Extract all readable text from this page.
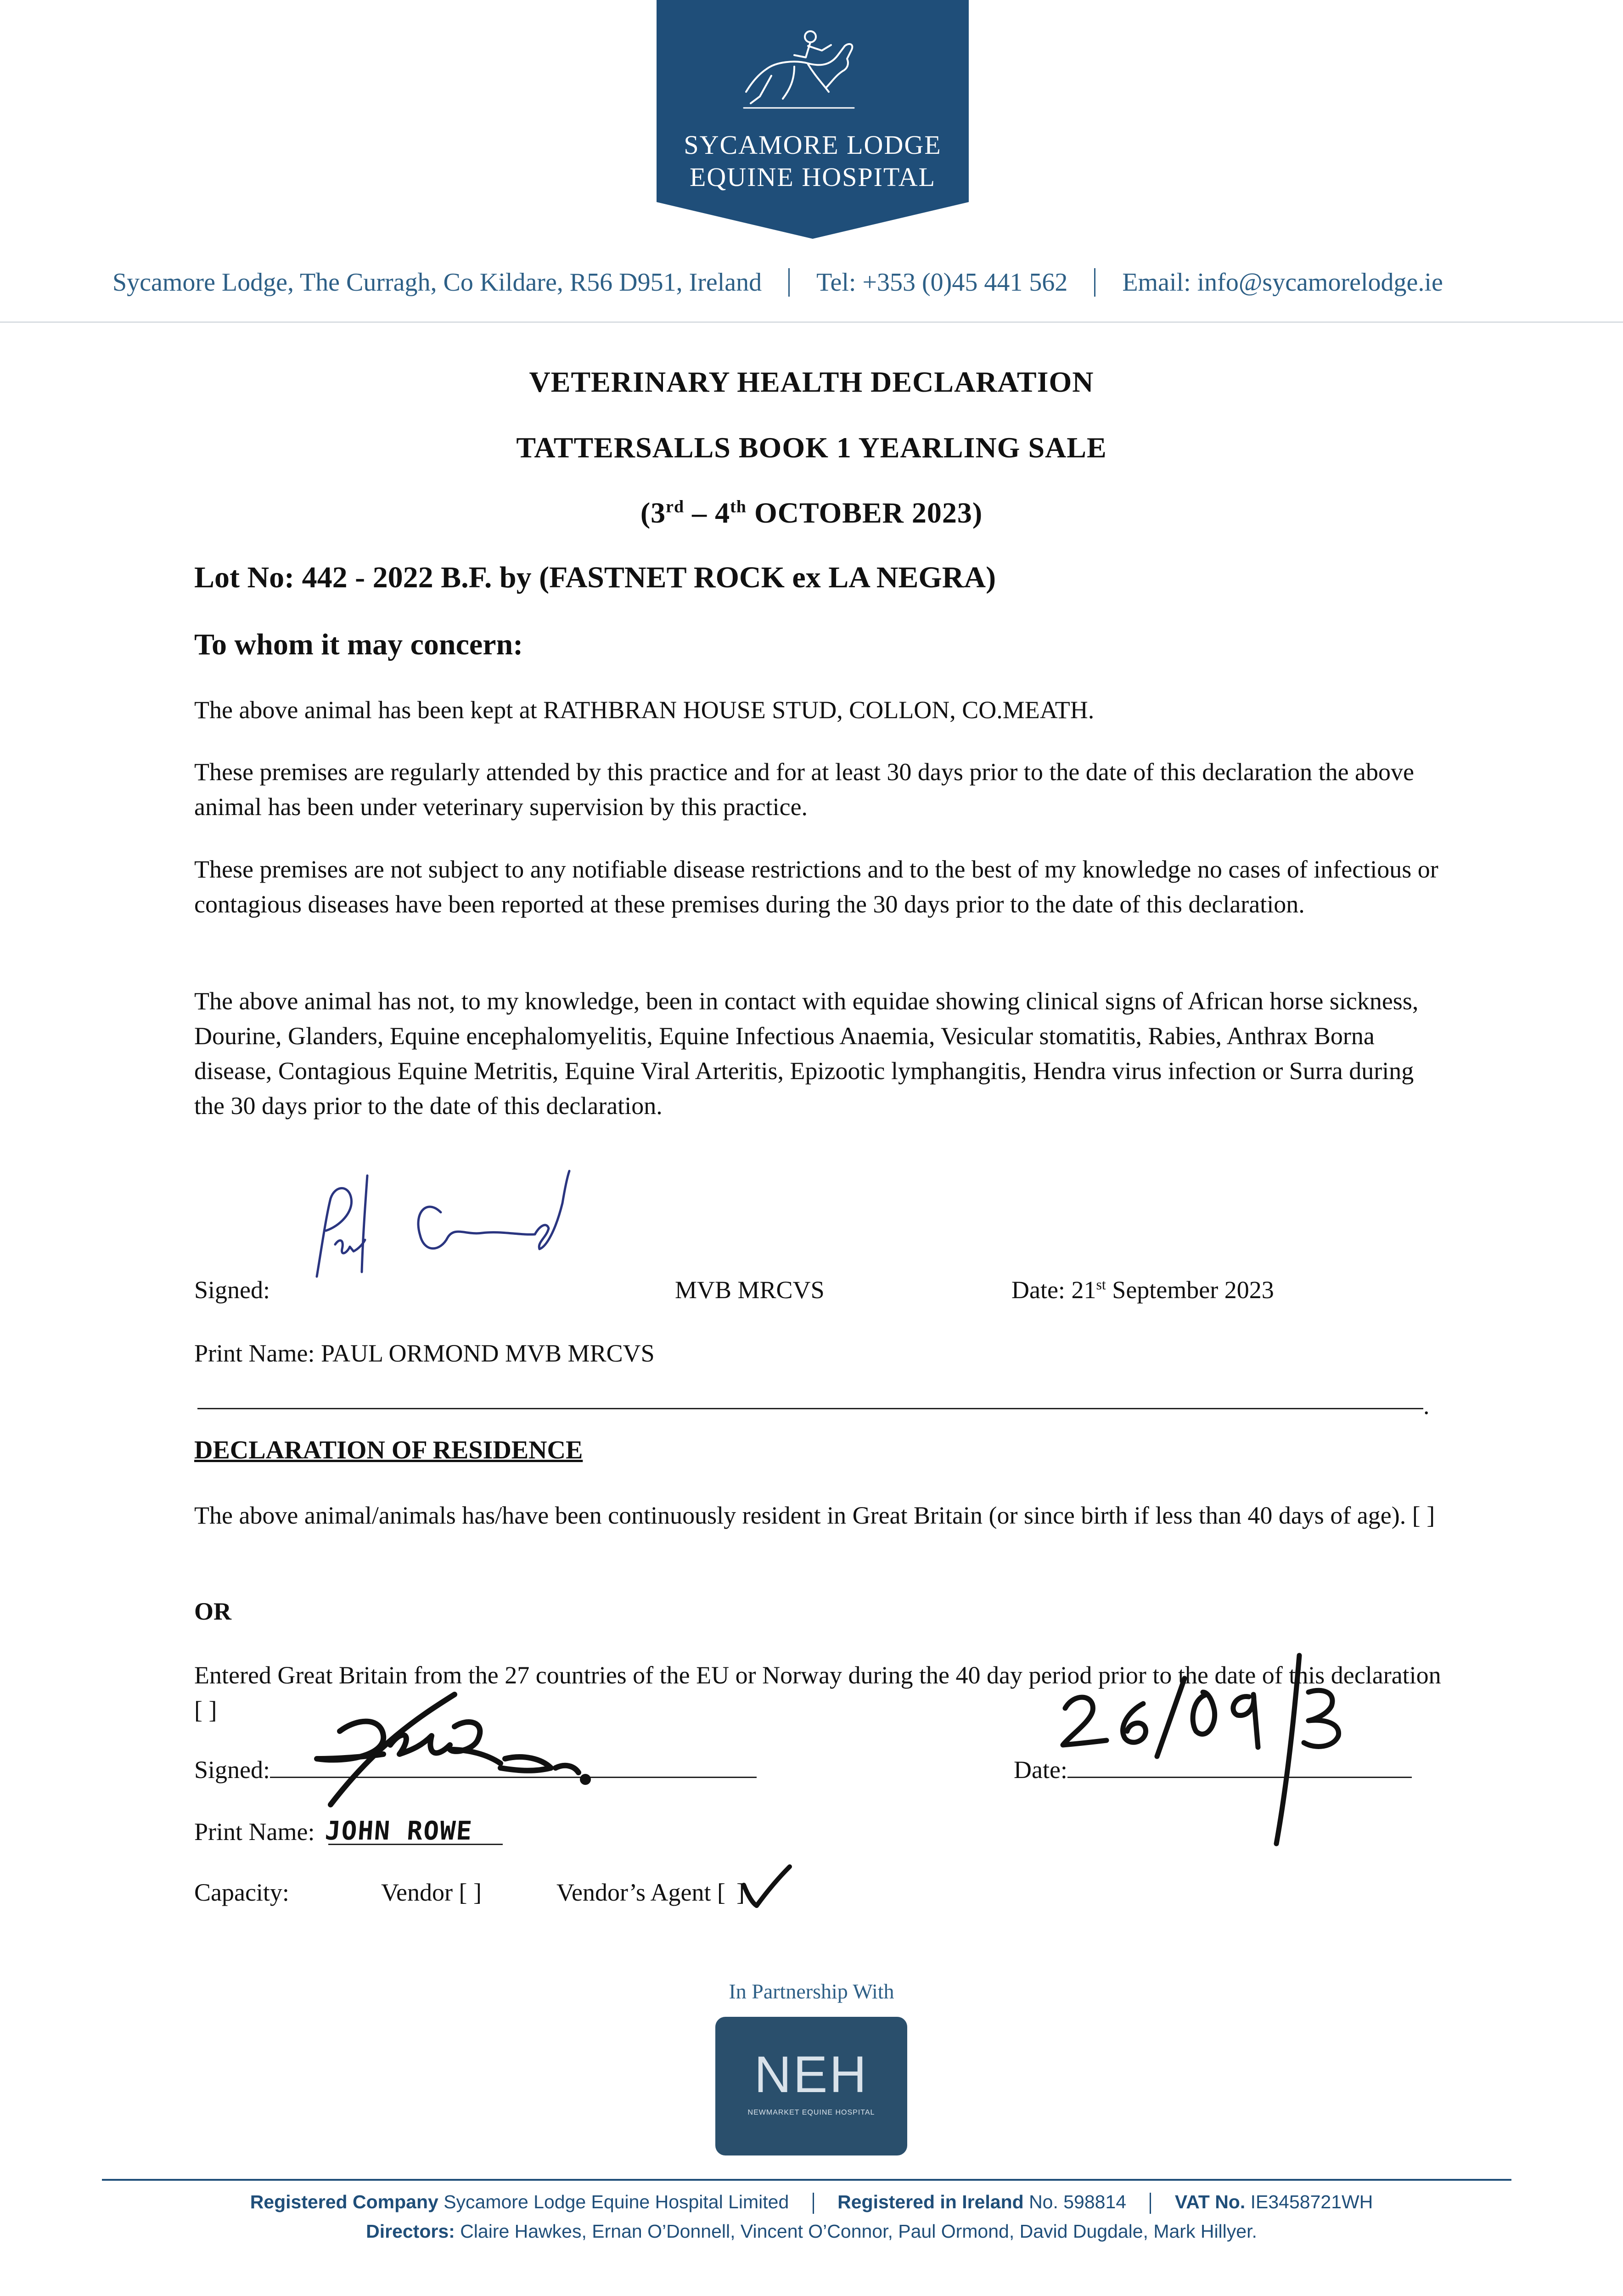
SYCAMORE LODGE
EQUINE HOSPITAL
Sycamore Lodge, The Curragh, Co Kildare, R56 D951, Ireland Tel: +353 (0)45 441 562 Email: info@sycamorelodge.ie
VETERINARY HEALTH DECLARATION
TATTERSALLS BOOK 1 YEARLING SALE
(3rd – 4th OCTOBER 2023)
Lot No: 442 - 2022 B.F. by (FASTNET ROCK ex LA NEGRA)
To whom it may concern:

The above animal has been kept at RATHBRAN HOUSE STUD, COLLON, CO.MEATH.

These premises are regularly attended by this practice and for at least 30 days prior to the date of this declaration the above animal has been under veterinary supervision by this practice.

These premises are not subject to any notifiable disease restrictions and to the best of my knowledge no cases of infectious or contagious diseases have been reported at these premises during the 30 days prior to the date of this declaration.

The above animal has not, to my knowledge, been in contact with equidae showing clinical signs of African horse sickness, Dourine, Glanders, Equine encephalomyelitis, Equine Infectious Anaemia, Vesicular stomatitis, Rabies, Anthrax Borna disease, Contagious Equine Metritis, Equine Viral Arteritis, Epizootic lymphangitis, Hendra virus infection or Surra during the 30 days prior to the date of this declaration.

Signed:	MVB MRCVS	Date: 21st September 2023
Print Name: PAUL ORMOND MVB MRCVS
.
DECLARATION OF RESIDENCE

The above animal/animals has/have been continuously resident in Great Britain (or since birth if less than 40 days of age). [ ]

OR

Entered Great Britain from the 27 countries of the EU or Norway during the 40 day period prior to the date of this declaration [ ]

Signed:	Date:
Print Name: JOHN ROWE
Capacity:	Vendor [ ]	Vendor’s Agent [ ]
In Partnership With
NEH
NEWMARKET EQUINE HOSPITAL
Registered Company Sycamore Lodge Equine Hospital Limited	Registered in Ireland No. 598814	VAT No. IE3458721WH
Directors: Claire Hawkes, Ernan O’Donnell, Vincent O’Connor, Paul Ormond, David Dugdale, Mark Hillyer.
